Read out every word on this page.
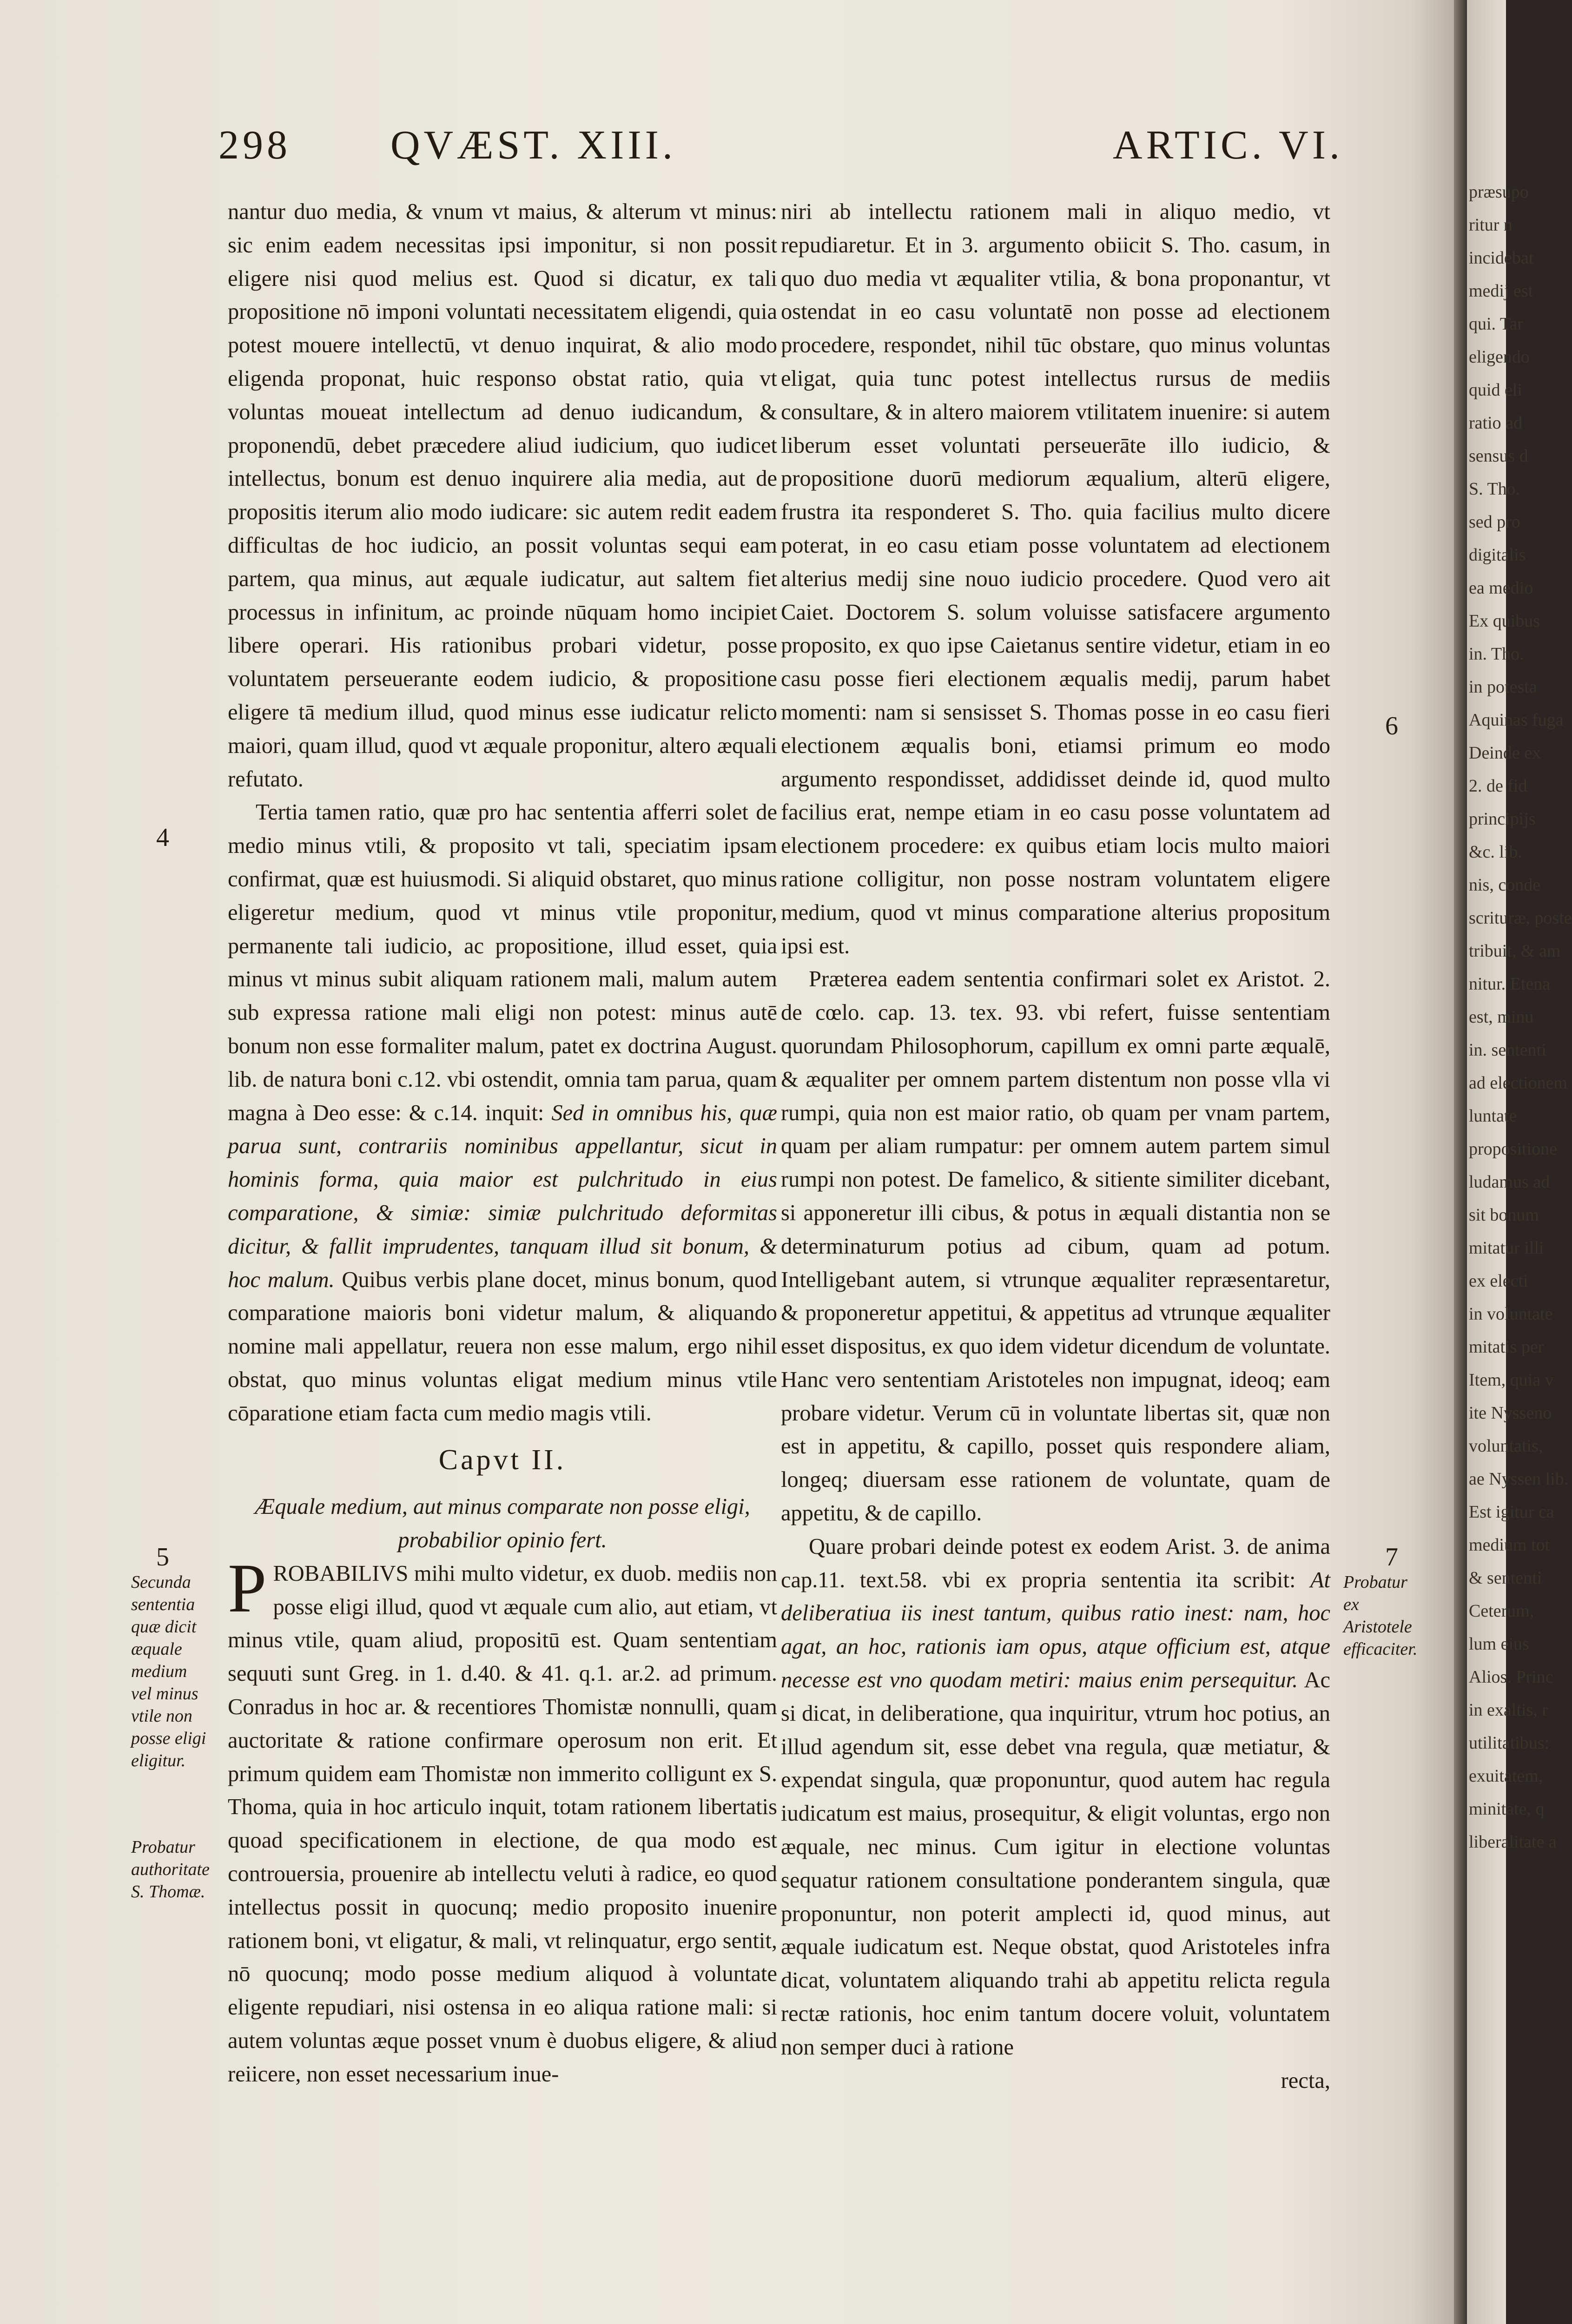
298 QVÆST. XIII.	ARTIC. VI.

nantur duo media, & vnum vt maius, & alterum vt minus: sic enim eadem necessitas ipsi imponitur, si non possit eligere nisi quod melius est. Quod si dicatur, ex tali propositione nō imponi voluntati necessitatem eligendi, quia potest mouere intellectū, vt denuo inquirat, & alio modo eligenda proponat, huic responso obstat ratio, quia vt voluntas moueat intellectum ad denuo iudicandum, & proponendū, debet præcedere aliud iudicium, quo iudicet intellectus, bonum est denuo inquirere alia media, aut de propositis iterum alio modo iudicare: sic autem redit eadem difficultas de hoc iudicio, an possit voluntas sequi eam partem, qua minus, aut æquale iudicatur, aut saltem fiet processus in infinitum, ac proinde nūquam homo incipiet libere operari. His rationibus probari videtur, posse voluntatem perseuerante eodem iudicio, & propositione eligere tā medium illud, quod minus esse iudicatur relicto maiori, quam illud, quod vt æquale proponitur, altero æquali refutato.

Tertia tamen ratio, quæ pro hac sententia afferri solet de medio minus vtili, & proposito vt tali, speciatim ipsam confirmat, quæ est huiusmodi. Si aliquid obstaret, quo minus eligeretur medium, quod vt minus vtile proponitur, permanente tali iudicio, ac propositione, illud esset, quia minus vt minus subit aliquam rationem mali, malum autem sub expressa ratione mali eligi non potest: minus autē bonum non esse formaliter malum, patet ex doctrina August. lib. de natura boni c.12. vbi ostendit, omnia tam parua, quam magna à Deo esse: & c.14. inquit: Sed in omnibus his, quæ parua sunt, contrariis nominibus appellantur, sicut in hominis forma, quia maior est pulchritudo in eius comparatione, & simiæ: simiæ pulchritudo deformitas dicitur, & fallit imprudentes, tanquam illud sit bonum, & hoc malum. Quibus verbis plane docet, minus bonum, quod comparatione maioris boni videtur malum, & aliquando nomine mali appellatur, reuera non esse malum, ergo nihil obstat, quo minus voluntas eligat medium minus vtile cōparatione etiam facta cum medio magis vtili.

Capvt II.

Æquale medium, aut minus comparate non posse eligi, probabilior opinio fert.

PROBABILIVS mihi multo videtur, ex duob. mediis non posse eligi illud, quod vt æquale cum alio, aut etiam, vt minus vtile, quam aliud, propositū est. Quam sententiam sequuti sunt Greg. in 1. d.40. & 41. q.1. ar.2. ad primum. Conradus in hoc ar. & recentiores Thomistæ nonnulli, quam auctoritate & ratione confirmare operosum non erit. Et primum quidem eam Thomistæ non immerito colligunt ex S. Thoma, quia in hoc articulo inquit, totam rationem libertatis quoad specificationem in electione, de qua modo est controuersia, prouenire ab intellectu veluti à radice, eo quod intellectus possit in quocunq; medio proposito inuenire rationem boni, vt eligatur, & mali, vt relinquatur, ergo sentit, nō quocunq; modo posse medium aliquod à voluntate eligente repudiari, nisi ostensa in eo aliqua ratione mali: si autem voluntas æque posset vnum è duobus eligere, & aliud reiicere, non esset necessarium inue-

niri ab intellectu rationem mali in aliquo medio, vt repudiaretur. Et in 3. argumento obiicit S. Tho. casum, in quo duo media vt æqualiter vtilia, & bona proponantur, vt ostendat in eo casu voluntatē non posse ad electionem procedere, respondet, nihil tūc obstare, quo minus voluntas eligat, quia tunc potest intellectus rursus de mediis consultare, & in altero maiorem vtilitatem inuenire: si autem liberum esset voluntati perseuerāte illo iudicio, & propositione duorū mediorum æqualium, alterū eligere, frustra ita responderet S. Tho. quia facilius multo dicere poterat, in eo casu etiam posse voluntatem ad electionem alterius medij sine nouo iudicio procedere. Quod vero ait Caiet. Doctorem S. solum voluisse satisfacere argumento proposito, ex quo ipse Caietanus sentire videtur, etiam in eo casu posse fieri electionem æqualis medij, parum habet momenti: nam si sensisset S. Thomas posse in eo casu fieri electionem æqualis boni, etiamsi primum eo modo argumento respondisset, addidisset deinde id, quod multo facilius erat, nempe etiam in eo casu posse voluntatem ad electionem procedere: ex quibus etiam locis multo maiori ratione colligitur, non posse nostram voluntatem eligere medium, quod vt minus comparatione alterius propositum ipsi est.

Præterea eadem sententia confirmari solet ex Aristot. 2. de cœlo. cap. 13. tex. 93. vbi refert, fuisse sententiam quorundam Philosophorum, capillum ex omni parte æqualē, & æqualiter per omnem partem distentum non posse vlla vi rumpi, quia non est maior ratio, ob quam per vnam partem, quam per aliam rumpatur: per omnem autem partem simul rumpi non potest. De famelico, & sitiente similiter dicebant, si apponeretur illi cibus, & potus in æquali distantia non se determinaturum potius ad cibum, quam ad potum. Intelligebant autem, si vtrunque æqualiter repræsentaretur, & proponeretur appetitui, & appetitus ad vtrunque æqualiter esset dispositus, ex quo idem videtur dicendum de voluntate. Hanc vero sententiam Aristoteles non impugnat, ideoq; eam probare videtur. Verum cū in voluntate libertas sit, quæ non est in appetitu, & capillo, posset quis respondere aliam, longeq; diuersam esse rationem de voluntate, quam de appetitu, & de capillo.

Quare probari deinde potest ex eodem Arist. 3. de anima cap.11. text.58. vbi ex propria sententia ita scribit: At deliberatiua iis inest tantum, quibus ratio inest: nam, hoc agat, an hoc, rationis iam opus, atque officium est, atque necesse est vno quodam metiri: maius enim persequitur. Ac si dicat, in deliberatione, qua inquiritur, vtrum hoc potius, an illud agendum sit, esse debet vna regula, quæ metiatur, & expendat singula, quæ proponuntur, quod autem hac regula iudicatum est maius, prosequitur, & eligit voluntas, ergo non æquale, nec minus. Cum igitur in electione voluntas sequatur rationem consultatione ponderantem singula, quæ proponuntur, non poterit amplecti id, quod minus, aut æquale iudicatum est. Neque obstat, quod Aristoteles infra dicat, voluntatem aliquando trahi ab appetitu relicta regula rectæ rationis, hoc enim tantum docere voluit, voluntatem non semper duci à ratione

recta,

4
5
Secunda sententia quæ dicit æquale medium vel minus vtile non posse eligi eligitur.
Probatur authoritate S. Thomæ.
6
7
Probatur ex Aristotele efficaciter.
præsupo
ritur n
incidebat
medij est
qui. Tar
eligendo
quid eli
ratio ad
sensus d
S. Tho.
sed pro
digitalis
ea medio
Ex quibus
in. Tho.
in potesta
Aquinas fuga
Deinde ex
2. de fid
principijs
&c. lib.
nis, conde
scrituræ, poste
tribuit, & am
nitur. Etena
est, minu
in. sententi
ad electionem
luntate
propositione
ludamus ad
sit bonum
mitatur illi
ex electi
in voluntate
mitatis per
Item, quia v
ite Nysseno
voluntatis,
ae Nyssen lib.
Est igitur ca
medium tot
& sententi
Ceterum,
lum eius
Alios. Princ
in exaltis, r
utilitatibus:
exuitatem,
minitate, q
liberalitate a
